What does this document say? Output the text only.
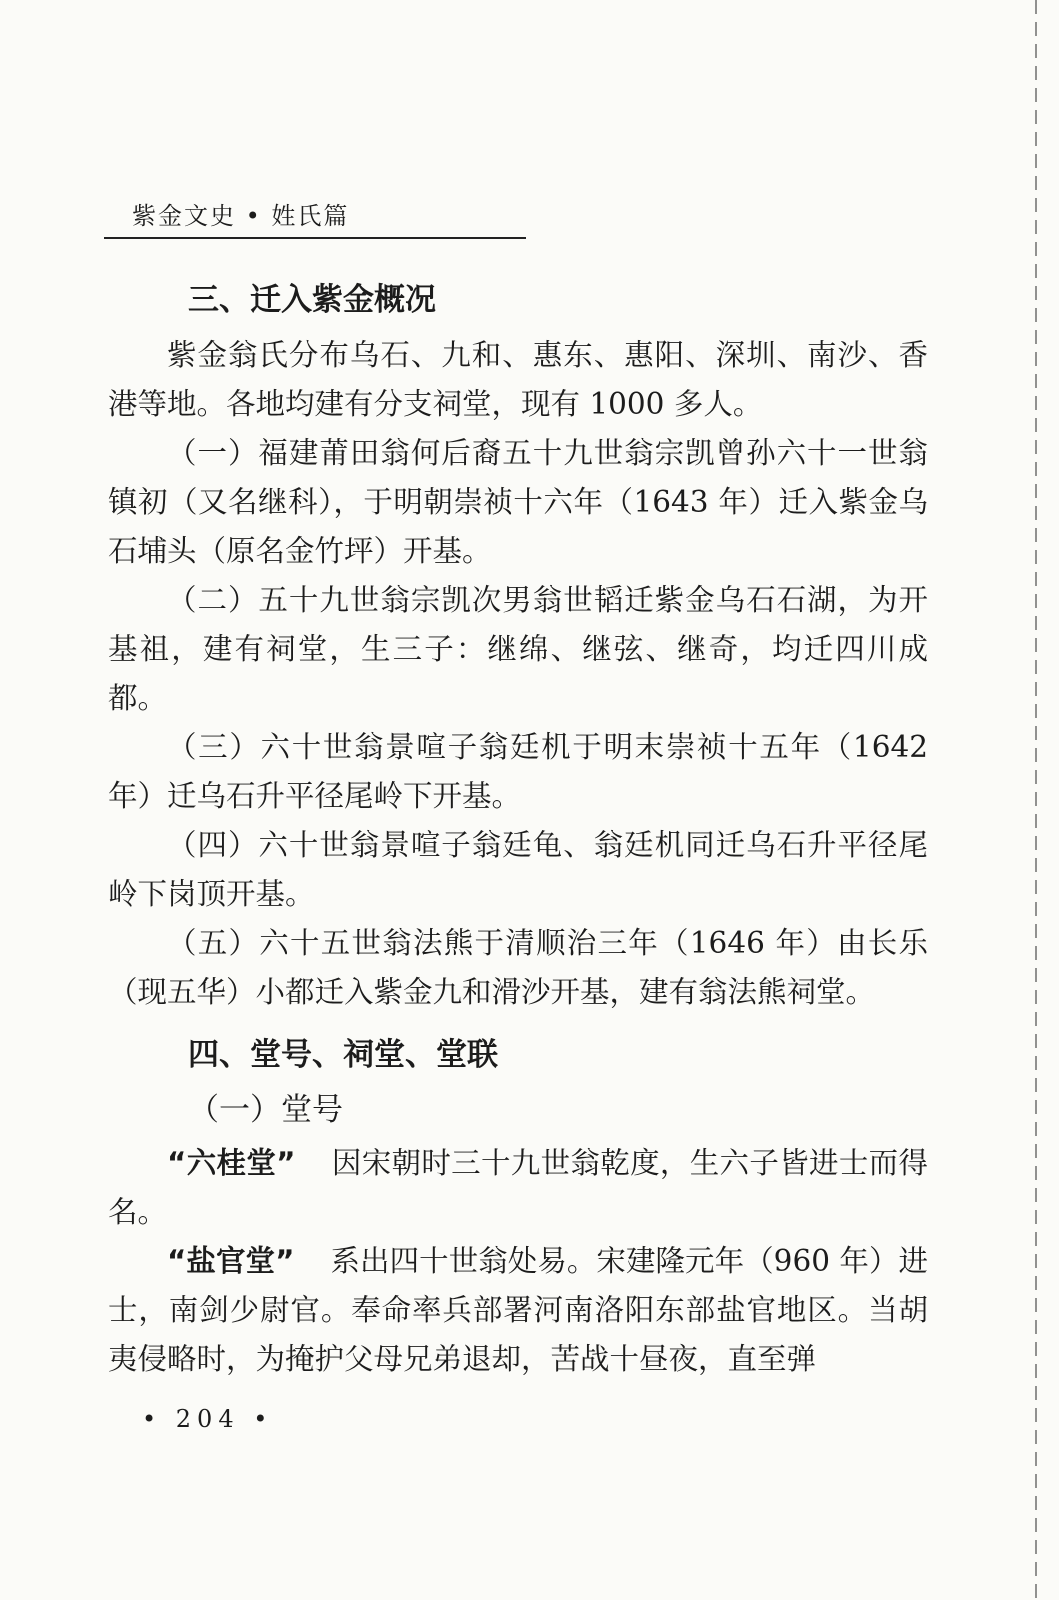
紫金文史 • 姓氏篇

三、迁入紫金概况

紫金翁氏分布乌石、九和、惠东、惠阳、深圳、南沙、香港等地。各地均建有分支祠堂，现有 1000 多人。

（一）福建莆田翁何后裔五十九世翁宗凯曾孙六十一世翁镇初（又名继科），于明朝崇祯十六年（1643 年）迁入紫金乌石埔头（原名金竹坪）开基。

（二）五十九世翁宗凯次男翁世韬迁紫金乌石石湖，为开基祖，建有祠堂，生三子：继绵、继弦、继奇，均迁四川成都。

（三）六十世翁景喧子翁廷机于明末崇祯十五年（1642 年）迁乌石升平径尾岭下开基。

（四）六十世翁景喧子翁廷龟、翁廷机同迁乌石升平径尾岭下岗顶开基。

（五）六十五世翁法熊于清顺治三年（1646 年）由长乐（现五华）小都迁入紫金九和滑沙开基，建有翁法熊祠堂。

四、堂号、祠堂、堂联

（一）堂号

“六桂堂” 因宋朝时三十九世翁乾度，生六子皆进士而得名。

“盐官堂” 系出四十世翁处易。宋建隆元年（960 年）进士，南剑少尉官。奉命率兵部署河南洛阳东部盐官地区。当胡夷侵略时，为掩护父母兄弟退却，苦战十昼夜，直至弹

• 204 •
